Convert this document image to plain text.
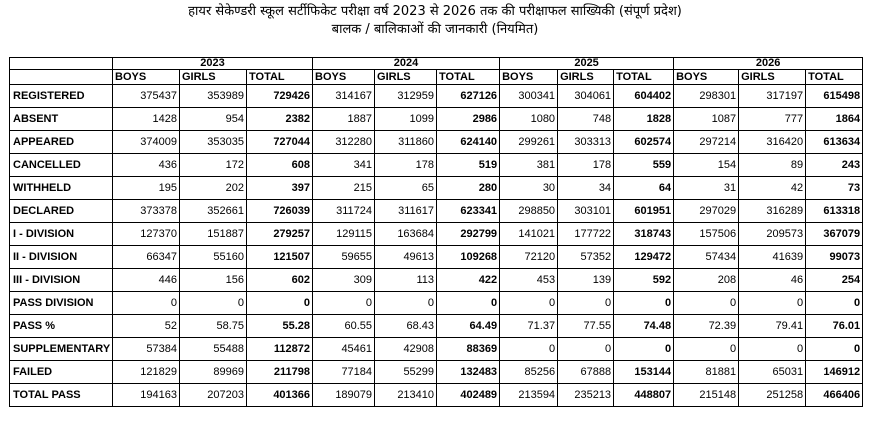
हायर सेकेण्डरी स्कूल सर्टीफिकेट परीक्षा वर्ष 2023 से 2026 तक की परीक्षाफल साख्यिकी (संपूर्ण प्रदेश)
बालक / बालिकाओं की जानकारी (नियमित)
	2023			2024			2025			2026		
	BOYS	GIRLS	TOTAL	BOYS	GIRLS	TOTAL	BOYS	GIRLS	TOTAL	BOYS	GIRLS	TOTAL
REGISTERED	375437	353989	729426	314167	312959	627126	300341	304061	604402	298301	317197	615498
ABSENT	1428	954	2382	1887	1099	2986	1080	748	1828	1087	777	1864
APPEARED	374009	353035	727044	312280	311860	624140	299261	303313	602574	297214	316420	613634
CANCELLED	436	172	608	341	178	519	381	178	559	154	89	243
WITHHELD	195	202	397	215	65	280	30	34	64	31	42	73
DECLARED	373378	352661	726039	311724	311617	623341	298850	303101	601951	297029	316289	613318
I - DIVISION	127370	151887	279257	129115	163684	292799	141021	177722	318743	157506	209573	367079
II - DIVISION	66347	55160	121507	59655	49613	109268	72120	57352	129472	57434	41639	99073
III - DIVISION	446	156	602	309	113	422	453	139	592	208	46	254
PASS DIVISION	0	0	0	0	0	0	0	0	0	0	0	0
PASS %	52	58.75	55.28	60.55	68.43	64.49	71.37	77.55	74.48	72.39	79.41	76.01
SUPPLEMENTARY	57384	55488	112872	45461	42908	88369	0	0	0	0	0	0
FAILED	121829	89969	211798	77184	55299	132483	85256	67888	153144	81881	65031	146912
TOTAL PASS	194163	207203	401366	189079	213410	402489	213594	235213	448807	215148	251258	466406
